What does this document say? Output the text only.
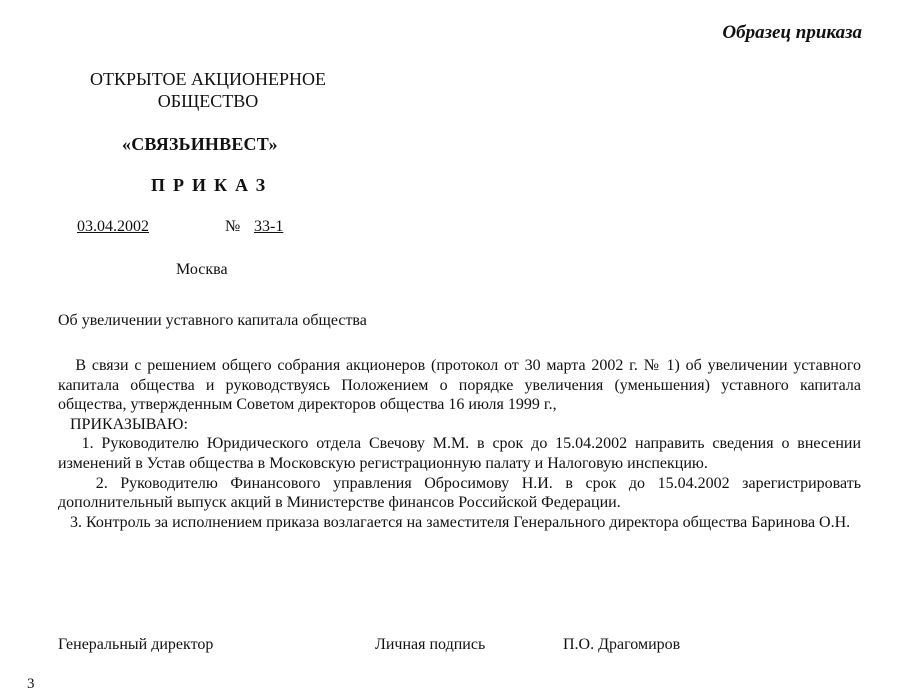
Образец приказа
ОТКРЫТОЕ АКЦИОНЕРНОЕ
ОБЩЕСТВО
«СВЯЗЬИНВЕСТ»
ПРИКАЗ
03.04.2002	№ 33-1
Москва
Об увеличении уставного капитала общества

В связи с решением общего собрания акционеров (протокол от 30 марта 2002 г. № 1) об увеличении уставного капитала общества и руководствуясь Положением о порядке увеличения (уменьшения) уставного капитала общества, утвержденным Советом директоров общества 16 июля 1999 г.,

ПРИКАЗЫВАЮ:

1. Руководителю Юридического отдела Свечову М.М. в срок до 15.04.2002 направить сведения о внесении изменений в Устав общества в Московскую регистрационную палату и Налоговую инспекцию.

2. Руководителю Финансового управления Обросимову Н.И. в срок до 15.04.2002 зарегистрировать дополнительный выпуск акций в Министерстве финансов Российской Федерации.

3. Контроль за исполнением приказа возлагается на заместителя Генерального директора общества Баринова О.Н.

Генеральный директор	Личная подпись	П.О. Драгомиров
3
